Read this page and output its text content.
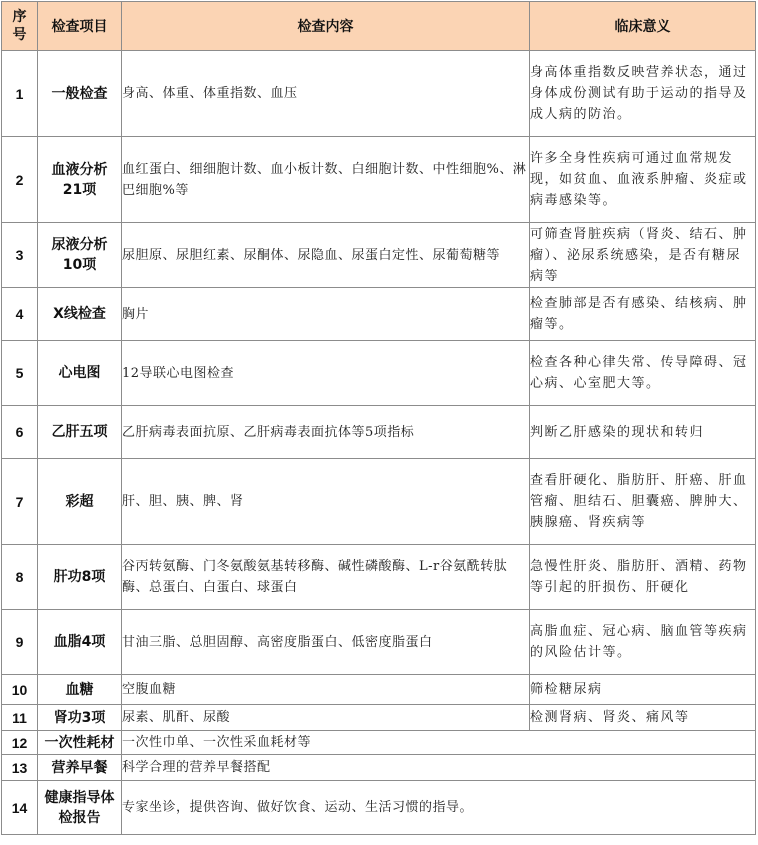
序号	检查项目	检查内容	临床意义
1	一般检查	身高、体重、体重指数、血压	身高体重指数反映营养状态，通过身体成份测试有助于运动的指导及成人病的防治。
2	血液分析21项	血红蛋白、细细胞计数、血小板计数、白细胞计数、中性细胞%、淋巴细胞%等	许多全身性疾病可通过血常规发现，如贫血、血液系肿瘤、炎症或病毒感染等。
3	尿液分析10项	尿胆原、尿胆红素、尿酮体、尿隐血、尿蛋白定性、尿葡萄糖等	可筛查肾脏疾病（肾炎、结石、肿瘤）、泌尿系统感染，是否有糖尿病等
4	X线检查	胸片	检查肺部是否有感染、结核病、肿瘤等。
5	心电图	12导联心电图检查	检查各种心律失常、传导障碍、冠心病、心室肥大等。
6	乙肝五项	乙肝病毒表面抗原、乙肝病毒表面抗体等5项指标	判断乙肝感染的现状和转归
7	彩超	肝、胆、胰、脾、肾	查看肝硬化、脂肪肝、肝癌、肝血管瘤、胆结石、胆囊癌、脾肿大、胰腺癌、肾疾病等
8	肝功8项	谷丙转氨酶、门冬氨酸氨基转移酶、碱性磷酸酶、L-r谷氨酰转肽酶、总蛋白、白蛋白、球蛋白	急慢性肝炎、脂肪肝、酒精、药物等引起的肝损伤、肝硬化
9	血脂4项	甘油三脂、总胆固醇、高密度脂蛋白、低密度脂蛋白	高脂血症、冠心病、脑血管等疾病的风险估计等。
10	血糖	空腹血糖	筛检糖尿病
11	肾功3项	尿素、肌酐、尿酸	检测肾病、肾炎、痛风等
12	一次性耗材	一次性巾单、一次性采血耗材等	
13	营养早餐	科学合理的营养早餐搭配	
14	健康指导体检报告	专家坐诊，提供咨询、做好饮食、运动、生活习惯的指导。	
